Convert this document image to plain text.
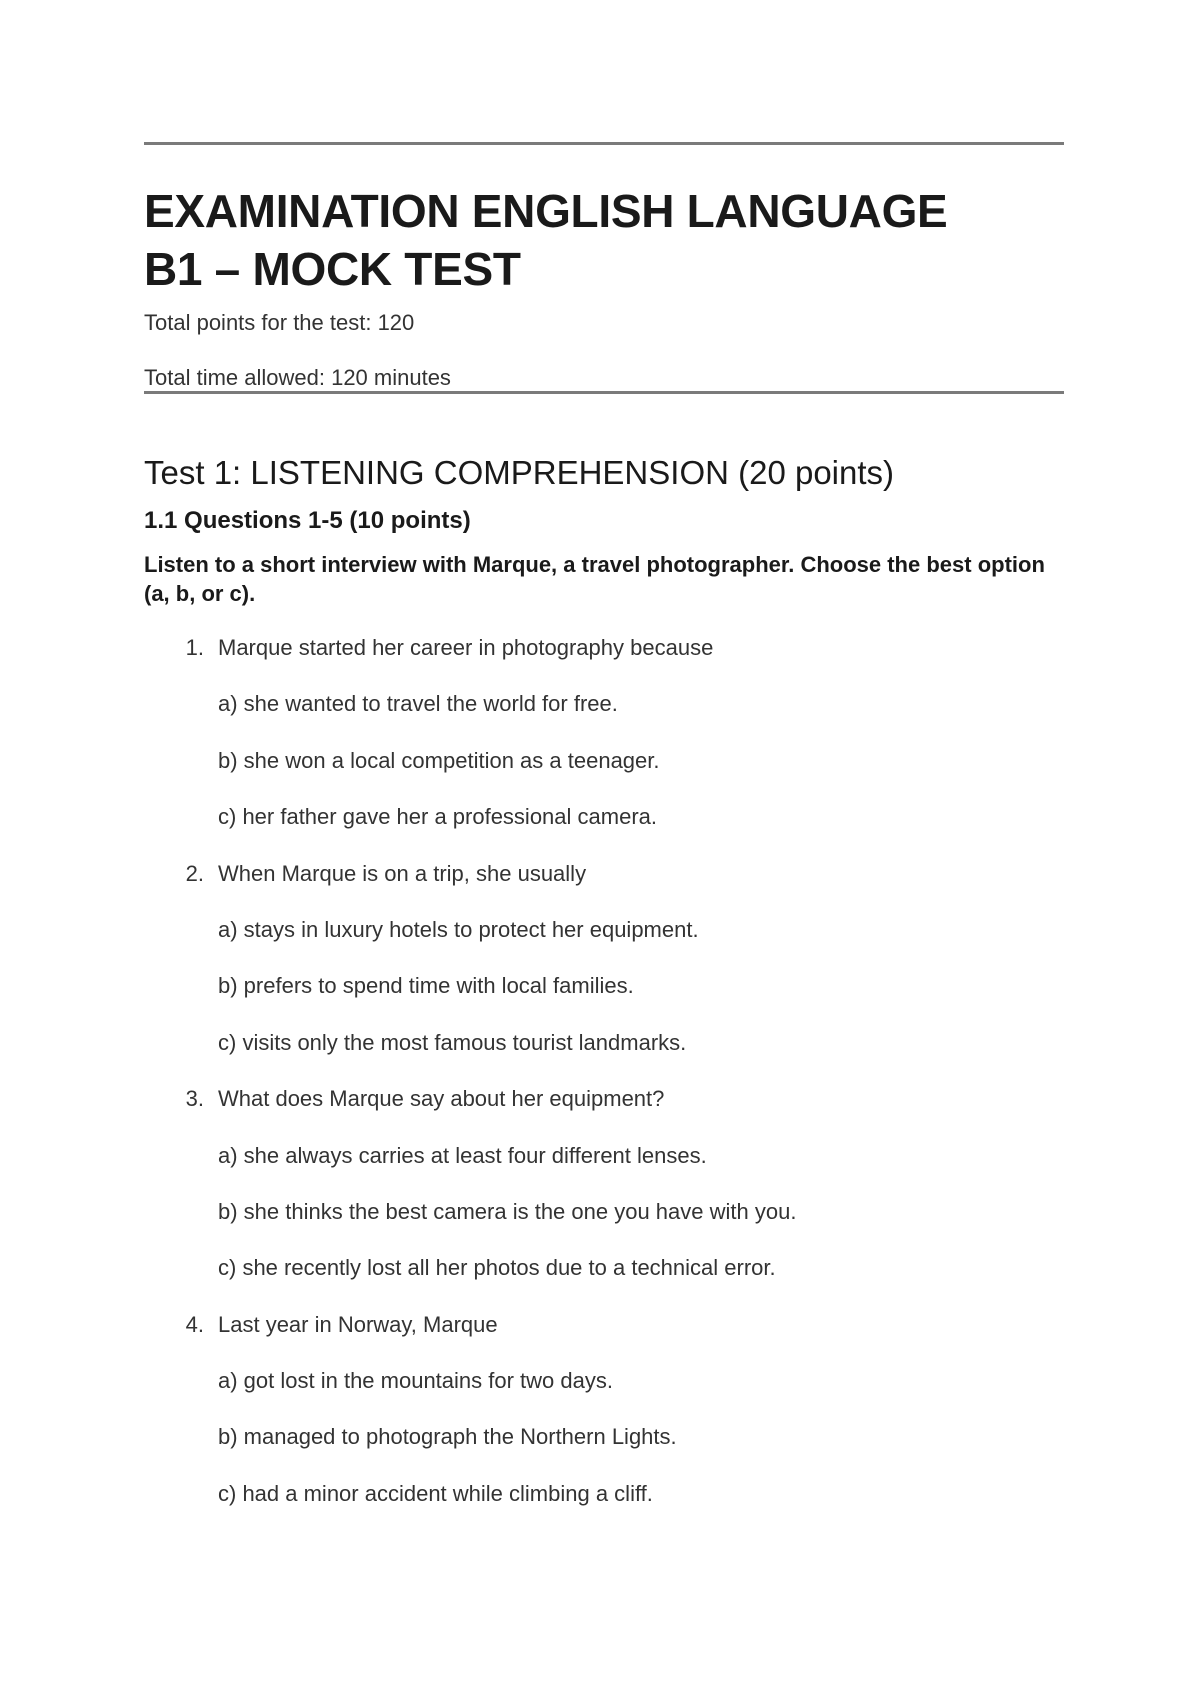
EXAMINATION ENGLISH LANGUAGE
B1 – MOCK TEST

Total points for the test: 120

Total time allowed: 120 minutes

Test 1: LISTENING COMPREHENSION (20 points)
1.1 Questions 1-5 (10 points)

Listen to a short interview with Marque, a travel photographer. Choose the best option (a, b, or c).

1. Marque started her career in photography because
a) she wanted to travel the world for free.
b) she won a local competition as a teenager.
c) her father gave her a professional camera.
2. When Marque is on a trip, she usually
a) stays in luxury hotels to protect her equipment.
b) prefers to spend time with local families.
c) visits only the most famous tourist landmarks.
3. What does Marque say about her equipment?
a) she always carries at least four different lenses.
b) she thinks the best camera is the one you have with you.
c) she recently lost all her photos due to a technical error.
4. Last year in Norway, Marque
a) got lost in the mountains for two days.
b) managed to photograph the Northern Lights.
c) had a minor accident while climbing a cliff.
